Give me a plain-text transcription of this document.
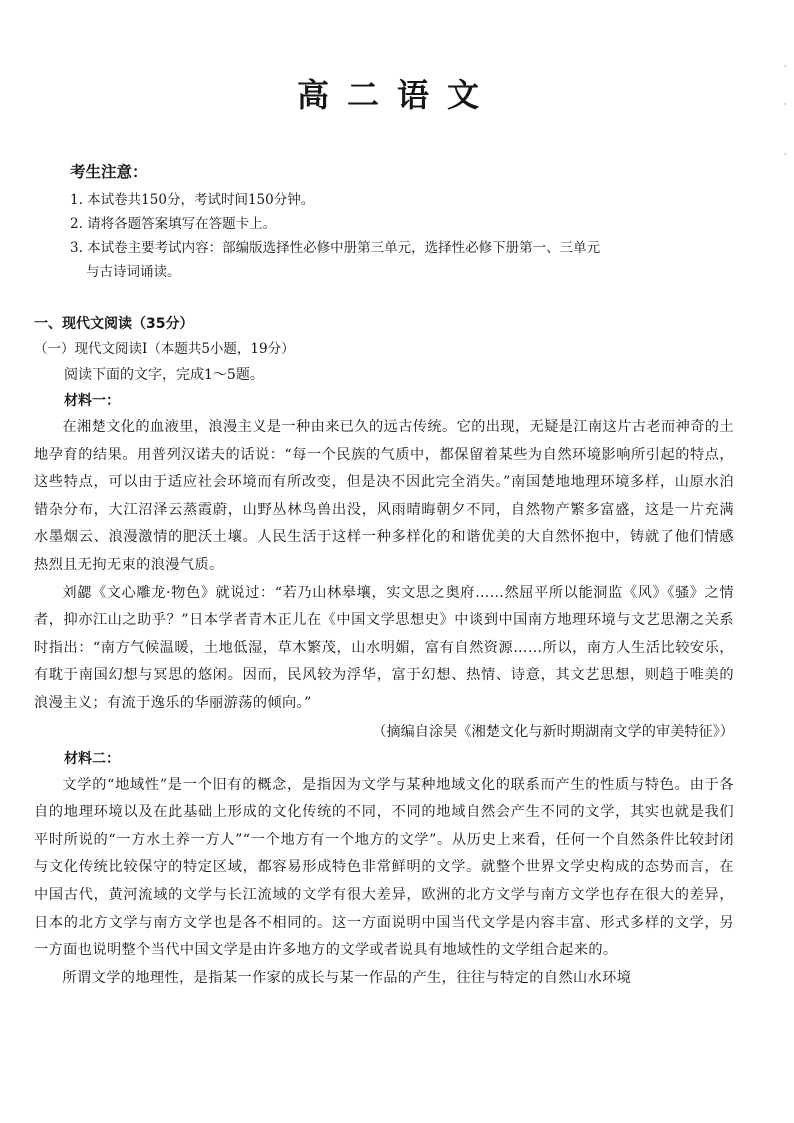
高二语文
考生注意：
1. 本试卷共150分，考试时间150分钟。
2. 请将各题答案填写在答题卡上。
3. 本试卷主要考试内容：部编版选择性必修中册第三单元，选择性必修下册第一、三单元
与古诗词诵读。
一、现代文阅读（35分）
（一）现代文阅读Ⅰ（本题共5小题，19分）
阅读下面的文字，完成1～5题。
材料一：

在湘楚文化的血液里，浪漫主义是一种由来已久的远古传统。它的出现，无疑是江南这片古老而神奇的土地孕育的结果。用普列汉诺夫的话说：“每一个民族的气质中，都保留着某些为自然环境影响所引起的特点，这些特点，可以由于适应社会环境而有所改变，但是决不因此完全消失。”南国楚地地理环境多样，山原水泊错杂分布，大江沼泽云蒸霞蔚，山野丛林鸟兽出没，风雨晴晦朝夕不同，自然物产繁多富盛，这是一片充满水墨烟云、浪漫激情的肥沃土壤。人民生活于这样一种多样化的和谐优美的大自然怀抱中，铸就了他们情感热烈且无拘无束的浪漫气质。

刘勰《文心雕龙·物色》就说过：“若乃山林皋壤，实文思之奥府……然屈平所以能洞监《风》《骚》之情者，抑亦江山之助乎？”日本学者青木正儿在《中国文学思想史》中谈到中国南方地理环境与文艺思潮之关系时指出：“南方气候温暖，土地低湿，草木繁茂，山水明媚，富有自然资源……所以，南方人生活比较安乐，有耽于南国幻想与冥思的悠闲。因而，民风较为浮华，富于幻想、热情、诗意，其文艺思想，则趋于唯美的浪漫主义；有流于逸乐的华丽游荡的倾向。”

（摘编自涂昊《湘楚文化与新时期湖南文学的审美特征》）

材料二：

文学的“地域性”是一个旧有的概念，是指因为文学与某种地域文化的联系而产生的性质与特色。由于各自的地理环境以及在此基础上形成的文化传统的不同，不同的地域自然会产生不同的文学，其实也就是我们平时所说的“一方水土养一方人”“一个地方有一个地方的文学”。从历史上来看，任何一个自然条件比较封闭与文化传统比较保守的特定区域，都容易形成特色非常鲜明的文学。就整个世界文学史构成的态势而言，在中国古代，黄河流域的文学与长江流域的文学有很大差异，欧洲的北方文学与南方文学也存在很大的差异，日本的北方文学与南方文学也是各不相同的。这一方面说明中国当代文学是内容丰富、形式多样的文学，另一方面也说明整个当代中国文学是由许多地方的文学或者说具有地域性的文学组合起来的。

所谓文学的地理性，是指某一作家的成长与某一作品的产生，往往与特定的自然山水环境

·
·
·
